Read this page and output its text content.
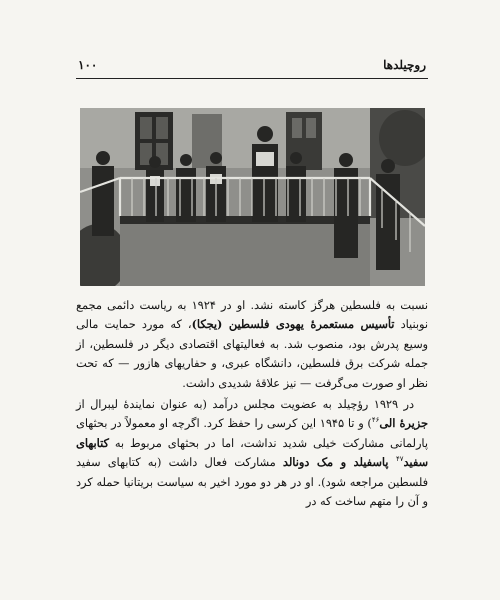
۱۰۰	روچیلدها

نسبت به فلسطین هرگز کاسته نشد. او در ۱۹۲۴ به ریاست دائمی مجمع نوبنیاد تأسیس مستعمرهٔ یهودی فلسطین (یجکا)، که مورد حمایت مالی وسیع پدرش بود، منصوب شد. به فعالیتهای اقتصادی دیگر در فلسطین، از جمله شرکت برق فلسطین، دانشگاه عبری، و حفاریهای هازور — که تحت نظر او صورت می‌گرفت — نیز علاقهٔ شدیدی داشت.

در ۱۹۲۹ رؤچیلد به عضویت مجلس درآمد (به عنوان نمایندهٔ لیبرال از جزیرهٔ الی$^{۴۶}$) و تا ۱۹۴۵ این کرسی را حفظ کرد. اگرچه او معمولاً در بحثهای پارلمانی مشارکت خیلی شدید نداشت، اما در بحثهای مربوط به کتابهای سفید$^{۴۷}$ پاسفیلد و مک دونالد مشارکت فعال داشت (به کتابهای سفید فلسطین مراجعه شود). او در هر دو مورد اخیر به سیاست بریتانیا حمله کرد و آن را متهم ساخت که در
